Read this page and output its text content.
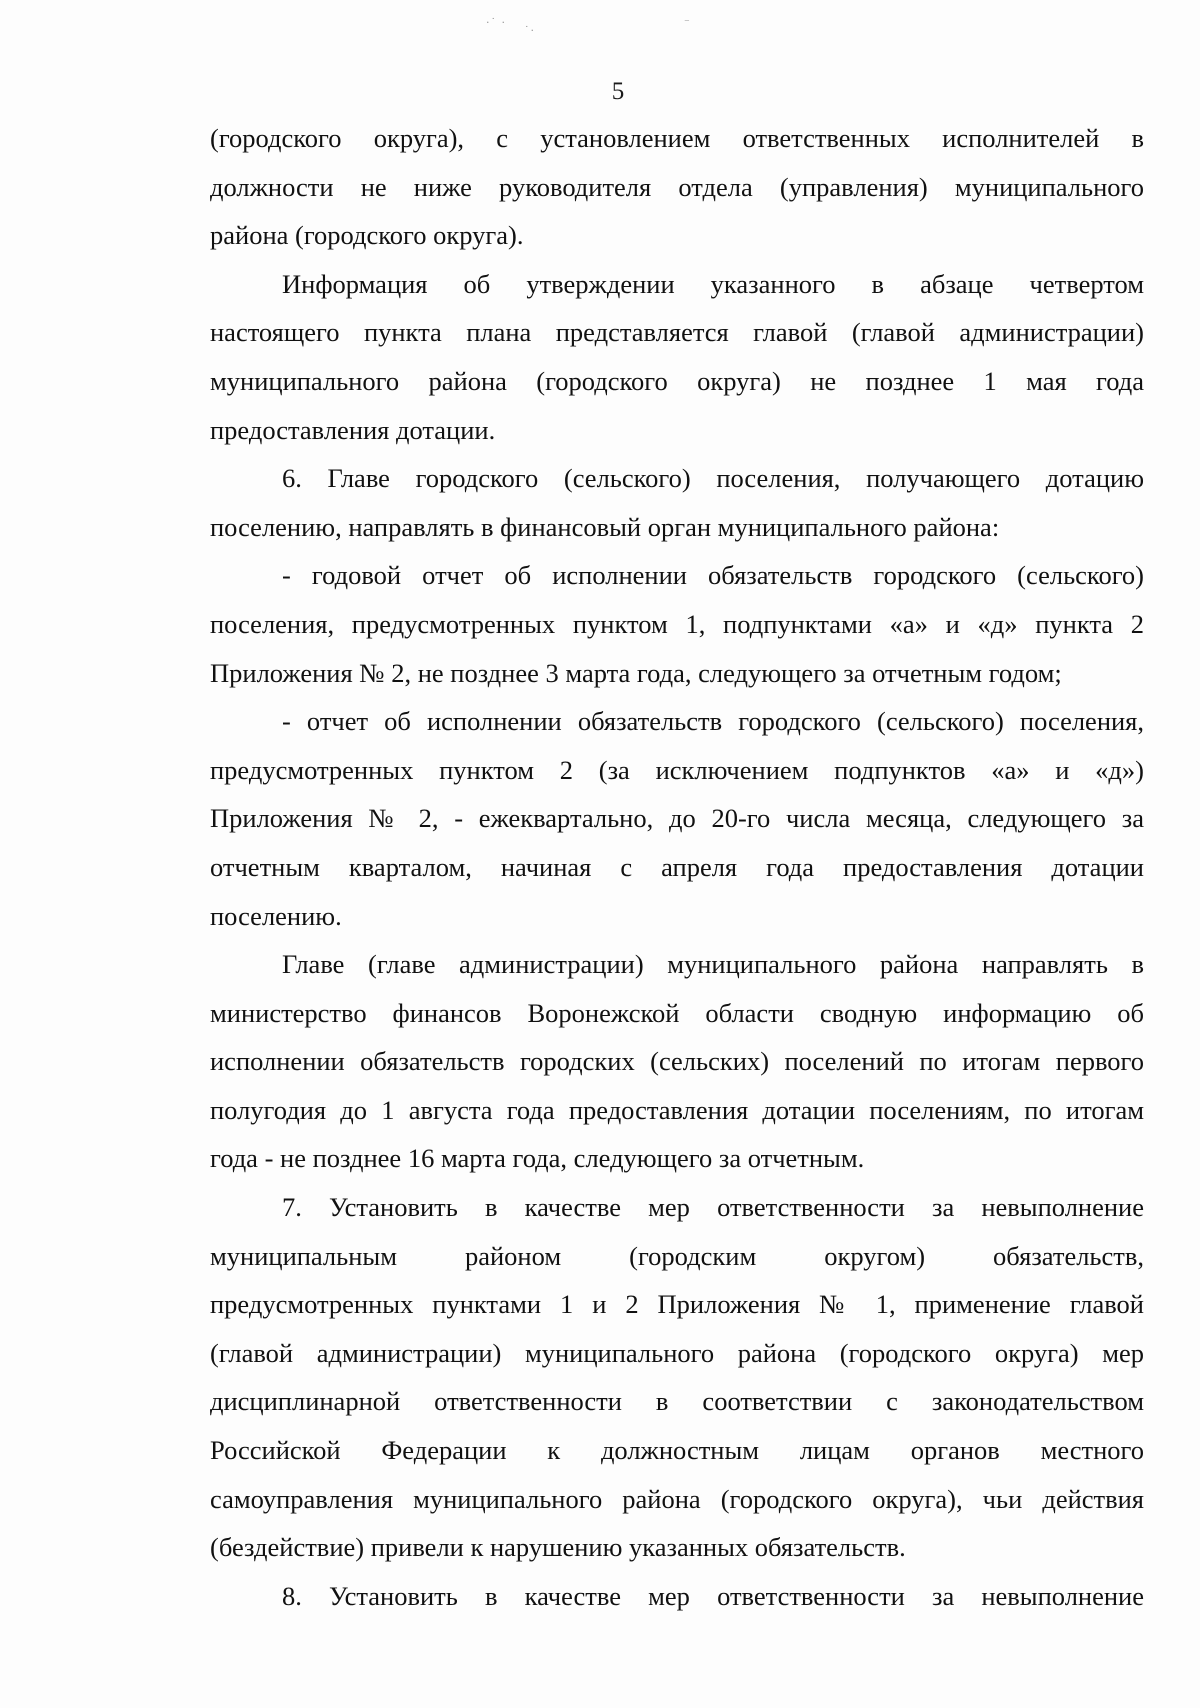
·˙ ·
˙·
⁻
5
(городского округа), с установлением ответственных исполнителей в
должности не ниже руководителя отдела (управления) муниципального
района (городского округа).
Информация об утверждении указанного в абзаце четвертом
настоящего пункта плана представляется главой (главой администрации)
муниципального района (городского округа) не позднее 1 мая года
предоставления дотации.
6. Главе городского (сельского) поселения, получающего дотацию
поселению, направлять в финансовый орган муниципального района:
- годовой отчет об исполнении обязательств городского (сельского)
поселения, предусмотренных пунктом 1, подпунктами «а» и «д» пункта 2
Приложения № 2, не позднее 3 марта года, следующего за отчетным годом;
- отчет об исполнении обязательств городского (сельского) поселения,
предусмотренных пунктом 2 (за исключением подпунктов «а» и «д»)
Приложения № 2, - ежеквартально, до 20-го числа месяца, следующего за
отчетным кварталом, начиная с апреля года предоставления дотации
поселению.
Главе (главе администрации) муниципального района направлять в
министерство финансов Воронежской области сводную информацию об
исполнении обязательств городских (сельских) поселений по итогам первого
полугодия до 1 августа года предоставления дотации поселениям, по итогам
года - не позднее 16 марта года, следующего за отчетным.
7. Установить в качестве мер ответственности за невыполнение
муниципальным районом (городским округом) обязательств,
предусмотренных пунктами 1 и 2 Приложения № 1, применение главой
(главой администрации) муниципального района (городского округа) мер
дисциплинарной ответственности в соответствии с законодательством
Российской Федерации к должностным лицам органов местного
самоуправления муниципального района (городского округа), чьи действия
(бездействие) привели к нарушению указанных обязательств.
8. Установить в качестве мер ответственности за невыполнение
